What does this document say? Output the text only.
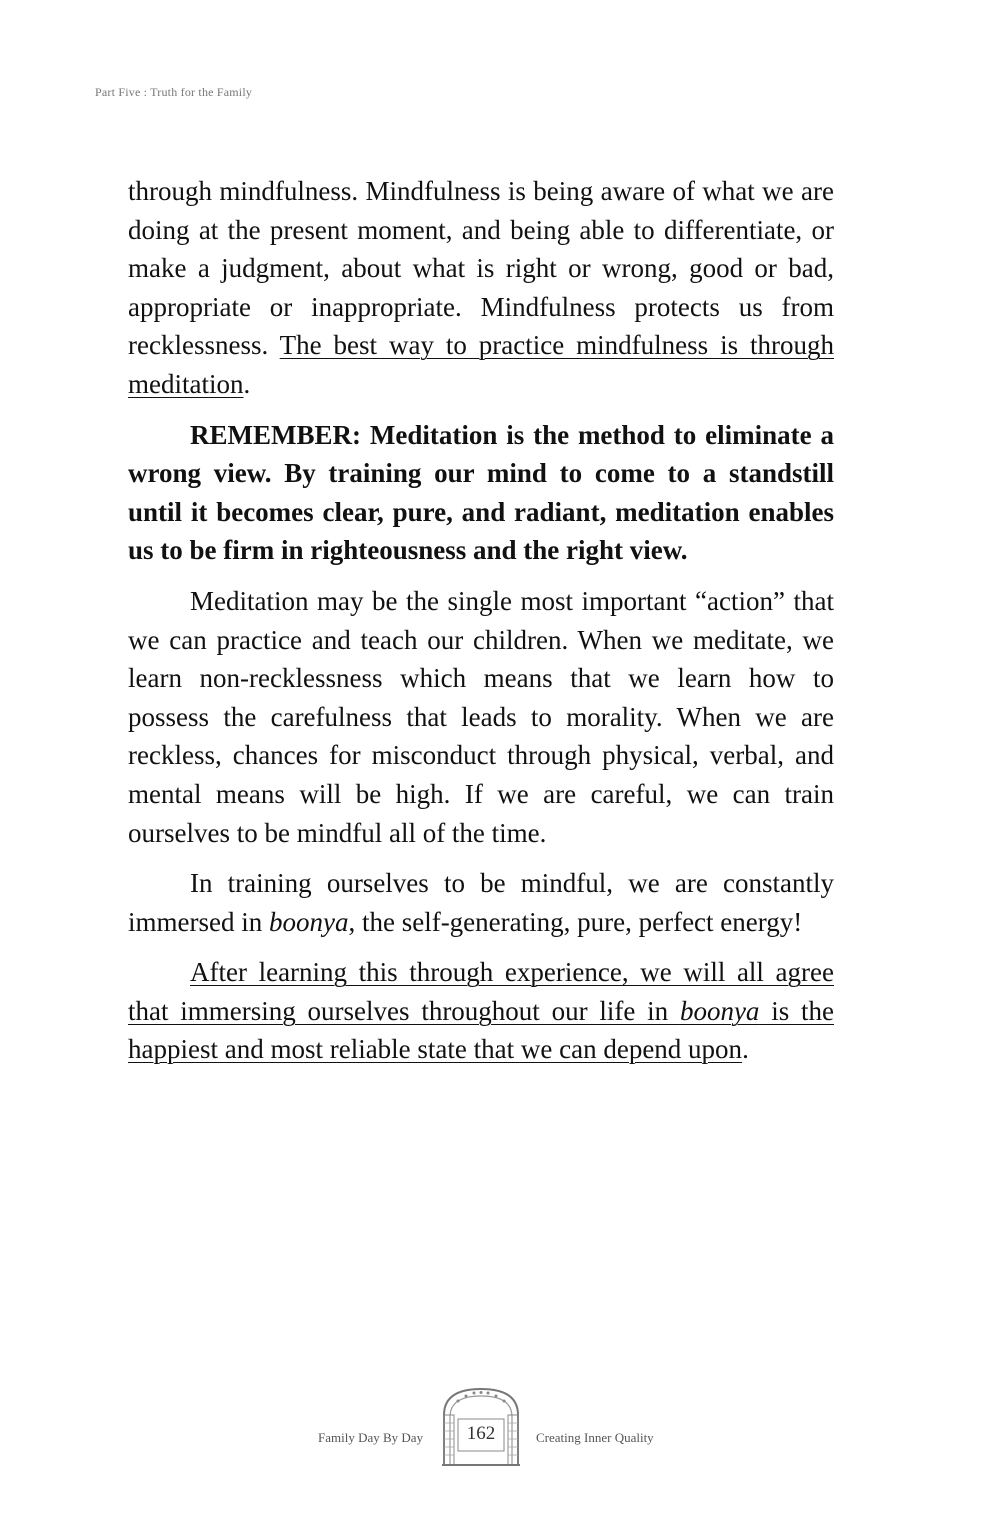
Part Five : Truth for the Family

through mindfulness. Mindfulness is being aware of what we are doing at the present moment, and being able to differentiate, or make a judgment, about what is right or wrong, good or bad, appropriate or inappropriate. Mindfulness protects us from recklessness. The best way to practice mindfulness is through meditation.

REMEMBER: Meditation is the method to eliminate a wrong view. By training our mind to come to a standstill until it becomes clear, pure, and radiant, meditation enables us to be firm in righteousness and the right view.

Meditation may be the single most important “action” that we can practice and teach our children. When we meditate, we learn non-recklessness which means that we learn how to possess the carefulness that leads to morality. When we are reckless, chances for misconduct through physical, verbal, and mental means will be high. If we are careful, we can train ourselves to be mindful all of the time.

In training ourselves to be mindful, we are constantly immersed in boonya, the self-generating, pure, perfect energy!

After learning this through experience, we will all agree that immersing ourselves throughout our life in boonya is the happiest and most reliable state that we can depend upon.

Family Day By Day	162	Creating Inner Quality
